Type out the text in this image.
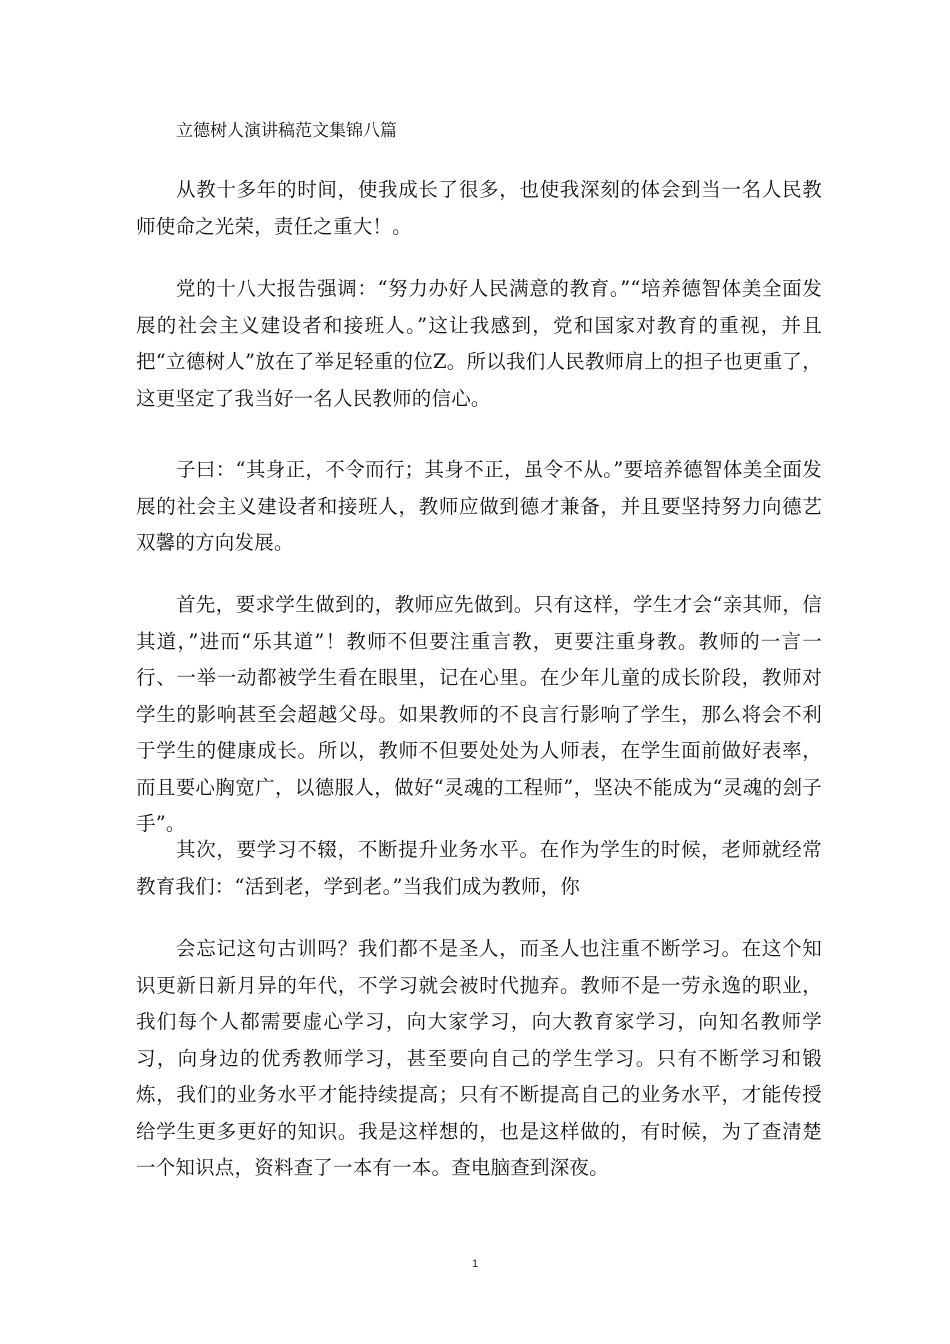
立德树人演讲稿范文集锦八篇

从教十多年的时间，使我成长了很多，也使我深刻的体会到当一名人民教师使命之光荣，责任之重大！。

党的十八大报告强调：“努力办好人民满意的教育。”“培养德智体美全面发展的社会主义建设者和接班人。”这让我感到，党和国家对教育的重视，并且把“立德树人”放在了举足轻重的位Z。所以我们人民教师肩上的担子也更重了，这更坚定了我当好一名人民教师的信心。

子曰：“其身正，不令而行；其身不正，虽令不从。”要培养德智体美全面发展的社会主义建设者和接班人，教师应做到德才兼备，并且要坚持努力向德艺双馨的方向发展。

首先，要求学生做到的，教师应先做到。只有这样，学生才会“亲其师，信其道，”进而“乐其道”！教师不但要注重言教，更要注重身教。教师的一言一行、一举一动都被学生看在眼里，记在心里。在少年儿童的成长阶段，教师对学生的影响甚至会超越父母。如果教师的不良言行影响了学生，那么将会不利于学生的健康成长。所以，教师不但要处处为人师表，在学生面前做好表率，而且要心胸宽广，以德服人，做好“灵魂的工程师”，坚决不能成为“灵魂的刽子手”。

其次，要学习不辍，不断提升业务水平。在作为学生的时候，老师就经常教育我们：“活到老，学到老。”当我们成为教师，你

会忘记这句古训吗？我们都不是圣人，而圣人也注重不断学习。在这个知识更新日新月异的年代，不学习就会被时代抛弃。教师不是一劳永逸的职业，我们每个人都需要虚心学习，向大家学习，向大教育家学习，向知名教师学习，向身边的优秀教师学习，甚至要向自己的学生学习。只有不断学习和锻炼，我们的业务水平才能持续提高；只有不断提高自己的业务水平，才能传授给学生更多更好的知识。我是这样想的，也是这样做的，有时候，为了查清楚一个知识点，资料查了一本有一本。查电脑查到深夜。

1
